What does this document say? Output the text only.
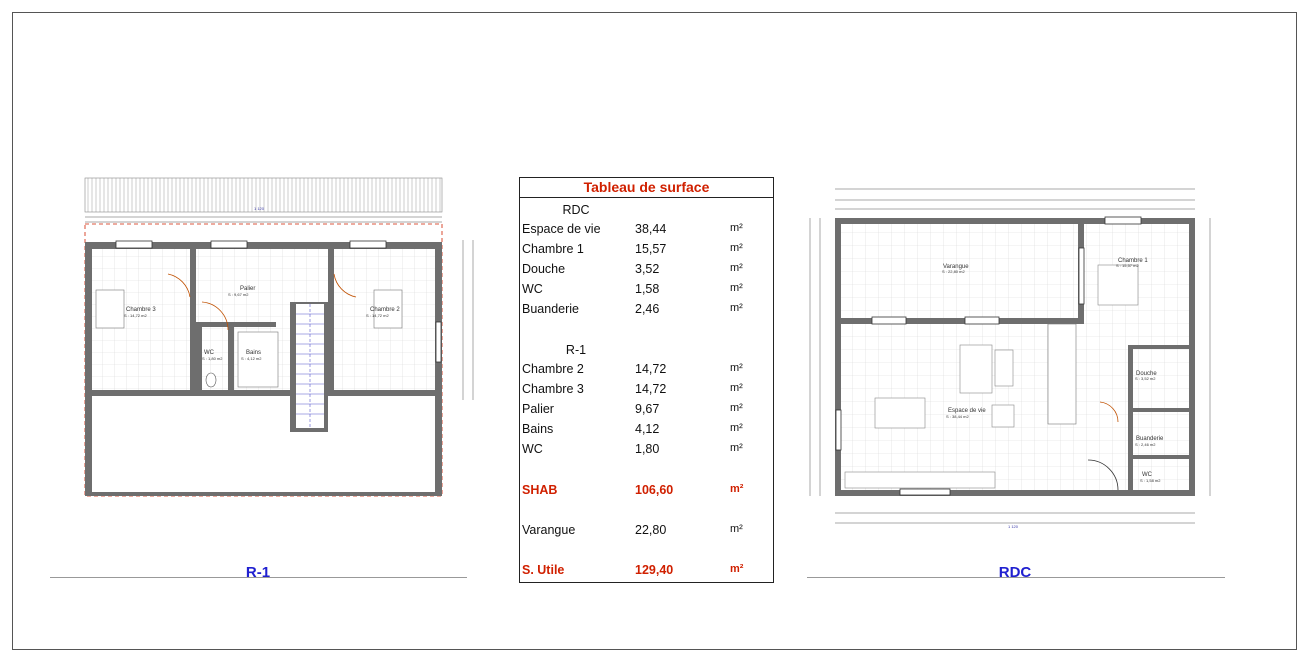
Chambre 3
S : 14,72 m2
Palier
S : 9,67 m2
Chambre 2
S : 14,72 m2
WC
S : 1,80 m2
Bains
S : 4,12 m2
1 120
R-1
Tableau de surface
RDC
Espace de vie	38,44	m²
Chambre 1	15,57	m²
Douche	3,52	m²
WC	1,58	m²
Buanderie	2,46	m²
R-1
Chambre 2	14,72	m²
Chambre 3	14,72	m²
Palier	9,67	m²
Bains	4,12	m²
WC	1,80	m²
SHAB	106,60	m²
Varangue	22,80	m²
S. Utile	129,40	m²
Varangue
S : 22,80 m2
Chambre 1
S : 15,57 m2
Espace de vie
S : 38,44 m2
Douche
S : 3,52 m2
Buanderie
S : 2,46 m2
WC
S : 1,58 m2
1 120
RDC
